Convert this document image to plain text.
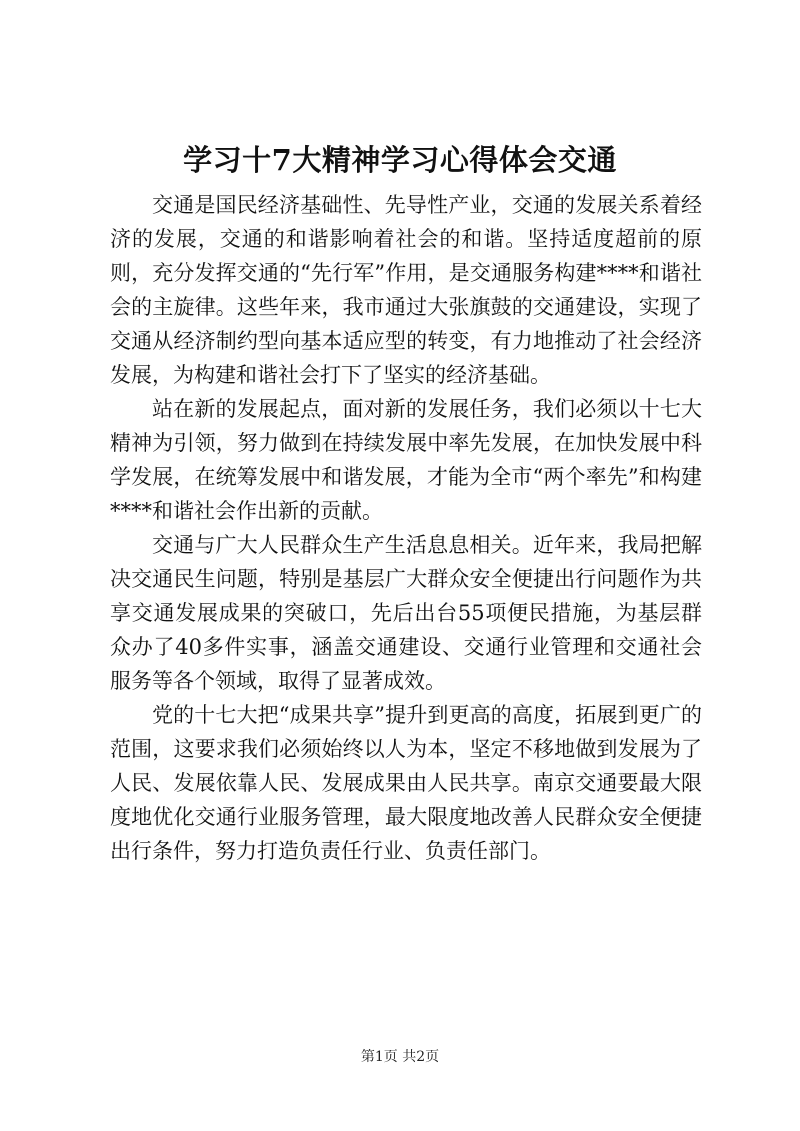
学习十7大精神学习心得体会交通

交通是国民经济基础性、先导性产业，交通的发展关系着经济的发展，交通的和谐影响着社会的和谐。坚持适度超前的原则，充分发挥交通的“先行军”作用，是交通服务构建****和谐社会的主旋律。这些年来，我市通过大张旗鼓的交通建设，实现了交通从经济制约型向基本适应型的转变，有力地推动了社会经济发展，为构建和谐社会打下了坚实的经济基础。

站在新的发展起点，面对新的发展任务，我们必须以十七大精神为引领，努力做到在持续发展中率先发展，在加快发展中科学发展，在统筹发展中和谐发展，才能为全市“两个率先”和构建****和谐社会作出新的贡献。

交通与广大人民群众生产生活息息相关。近年来，我局把解决交通民生问题，特别是基层广大群众安全便捷出行问题作为共享交通发展成果的突破口，先后出台55项便民措施，为基层群众办了40多件实事，涵盖交通建设、交通行业管理和交通社会服务等各个领域，取得了显著成效。

党的十七大把“成果共享”提升到更高的高度，拓展到更广的范围，这要求我们必须始终以人为本，坚定不移地做到发展为了人民、发展依靠人民、发展成果由人民共享。南京交通要最大限度地优化交通行业服务管理，最大限度地改善人民群众安全便捷出行条件，努力打造负责任行业、负责任部门。

第1页 共2页
